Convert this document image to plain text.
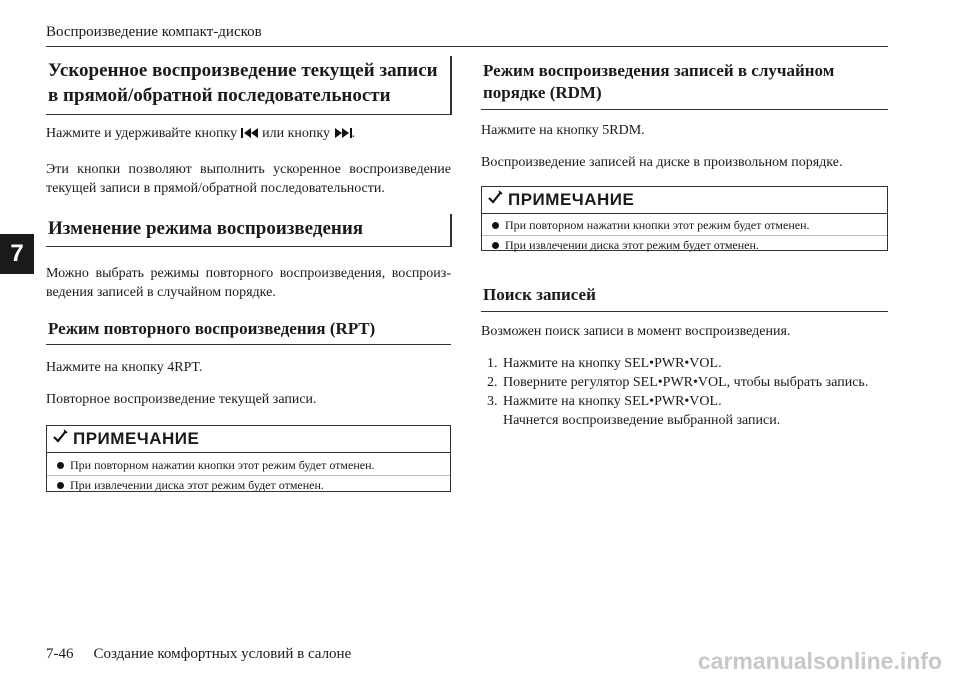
Воспроизведение компакт-дисков
7
Ускоренное воспроизведение текущей записи
в прямой/обратной последовательности
Нажмите и удерживайте кнопку или кнопку .
Эти кнопки позволяют выполнить ускоренное воспроизведение текущей записи в прямой/обратной последовательности.
Изменение режима воспроизведения
Можно выбрать режимы повторного воспроизведения, воспроиз-ведения записей в случайном порядке.
Режим повторного воспроизведения (RPT)
Нажмите на кнопку 4RPT.
Повторное воспроизведение текущей записи.
ПРИМЕЧАНИЕ
При повторном нажатии кнопки этот режим будет отменен.
При извлечении диска этот режим будет отменен.
Режим воспроизведения записей в случайном
порядке (RDM)
Нажмите на кнопку 5RDM.
Воспроизведение записей на диске в произвольном порядке.
ПРИМЕЧАНИЕ
При повторном нажатии кнопки этот режим будет отменен.
При извлечении диска этот режим будет отменен.
Поиск записей
Возможен поиск записи в момент воспроизведения.
1. Нажмите на кнопку SEL•PWR•VOL.
2. Поверните регулятор SEL•PWR•VOL, чтобы выбрать запись.
3. Нажмите на кнопку SEL•PWR•VOL.
Начнется воспроизведение выбранной записи.
7-46 Создание комфортных условий в салоне	carmanualsonline.info
